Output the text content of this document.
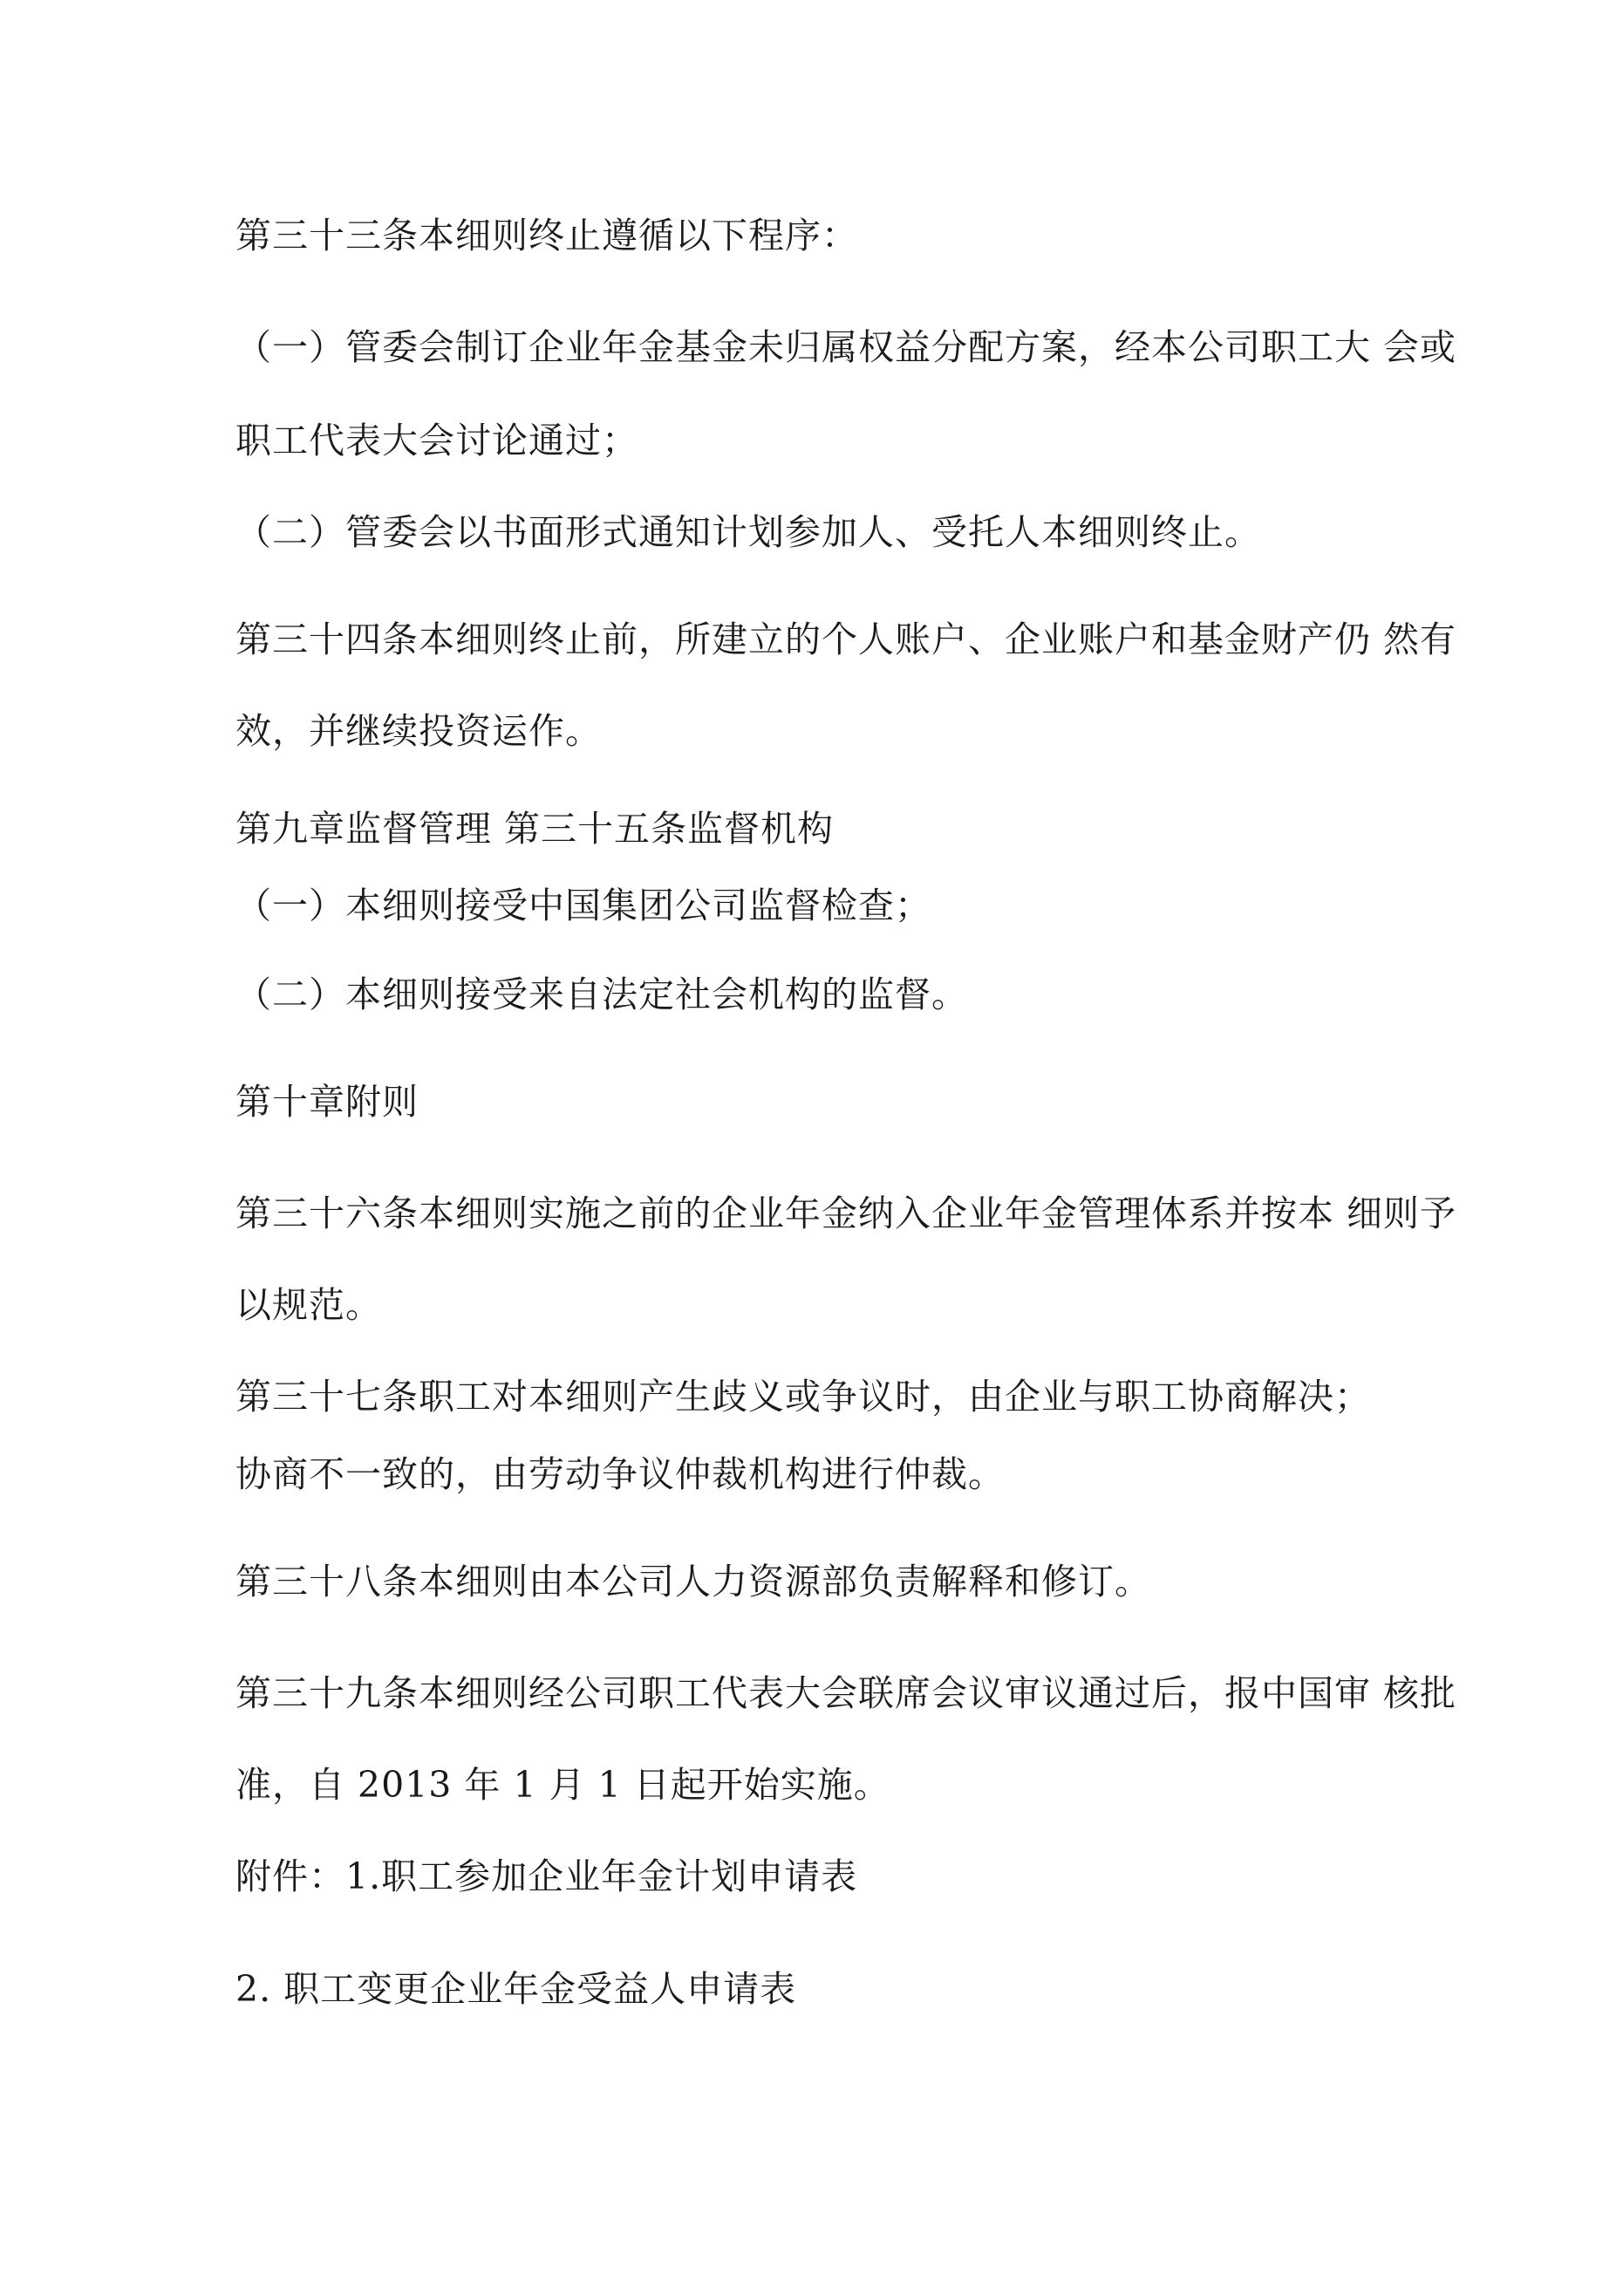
第三十三条本细则终止遵循以下程序：

（一）管委会制订企业年金基金未归属权益分配方案，经本公司职工大 会或

职工代表大会讨论通过；

（二）管委会以书面形式通知计划参加人、受托人本细则终止。

第三十四条本细则终止前，所建立的个人账户、企业账户和基金财产仍 然有

效，并继续投资运作。

第九章监督管理 第三十五条监督机构

（一）本细则接受中国集团公司监督检查；

（二）本细则接受来自法定社会机构的监督。

第十章附则

第三十六条本细则实施之前的企业年金纳入企业年金管理体系并按本 细则予

以规范。

第三十七条职工对本细则产生歧义或争议时，由企业与职工协商解决；

协商不一致的，由劳动争议仲裁机构进行仲裁。

第三十八条本细则由本公司人力资源部负责解释和修订。

第三十九条本细则经公司职工代表大会联席会议审议通过后，报中国审 核批

准，自 2013 年 1 月 1 日起开始实施。

附件：1.职工参加企业年金计划申请表

2. 职工变更企业年金受益人申请表
